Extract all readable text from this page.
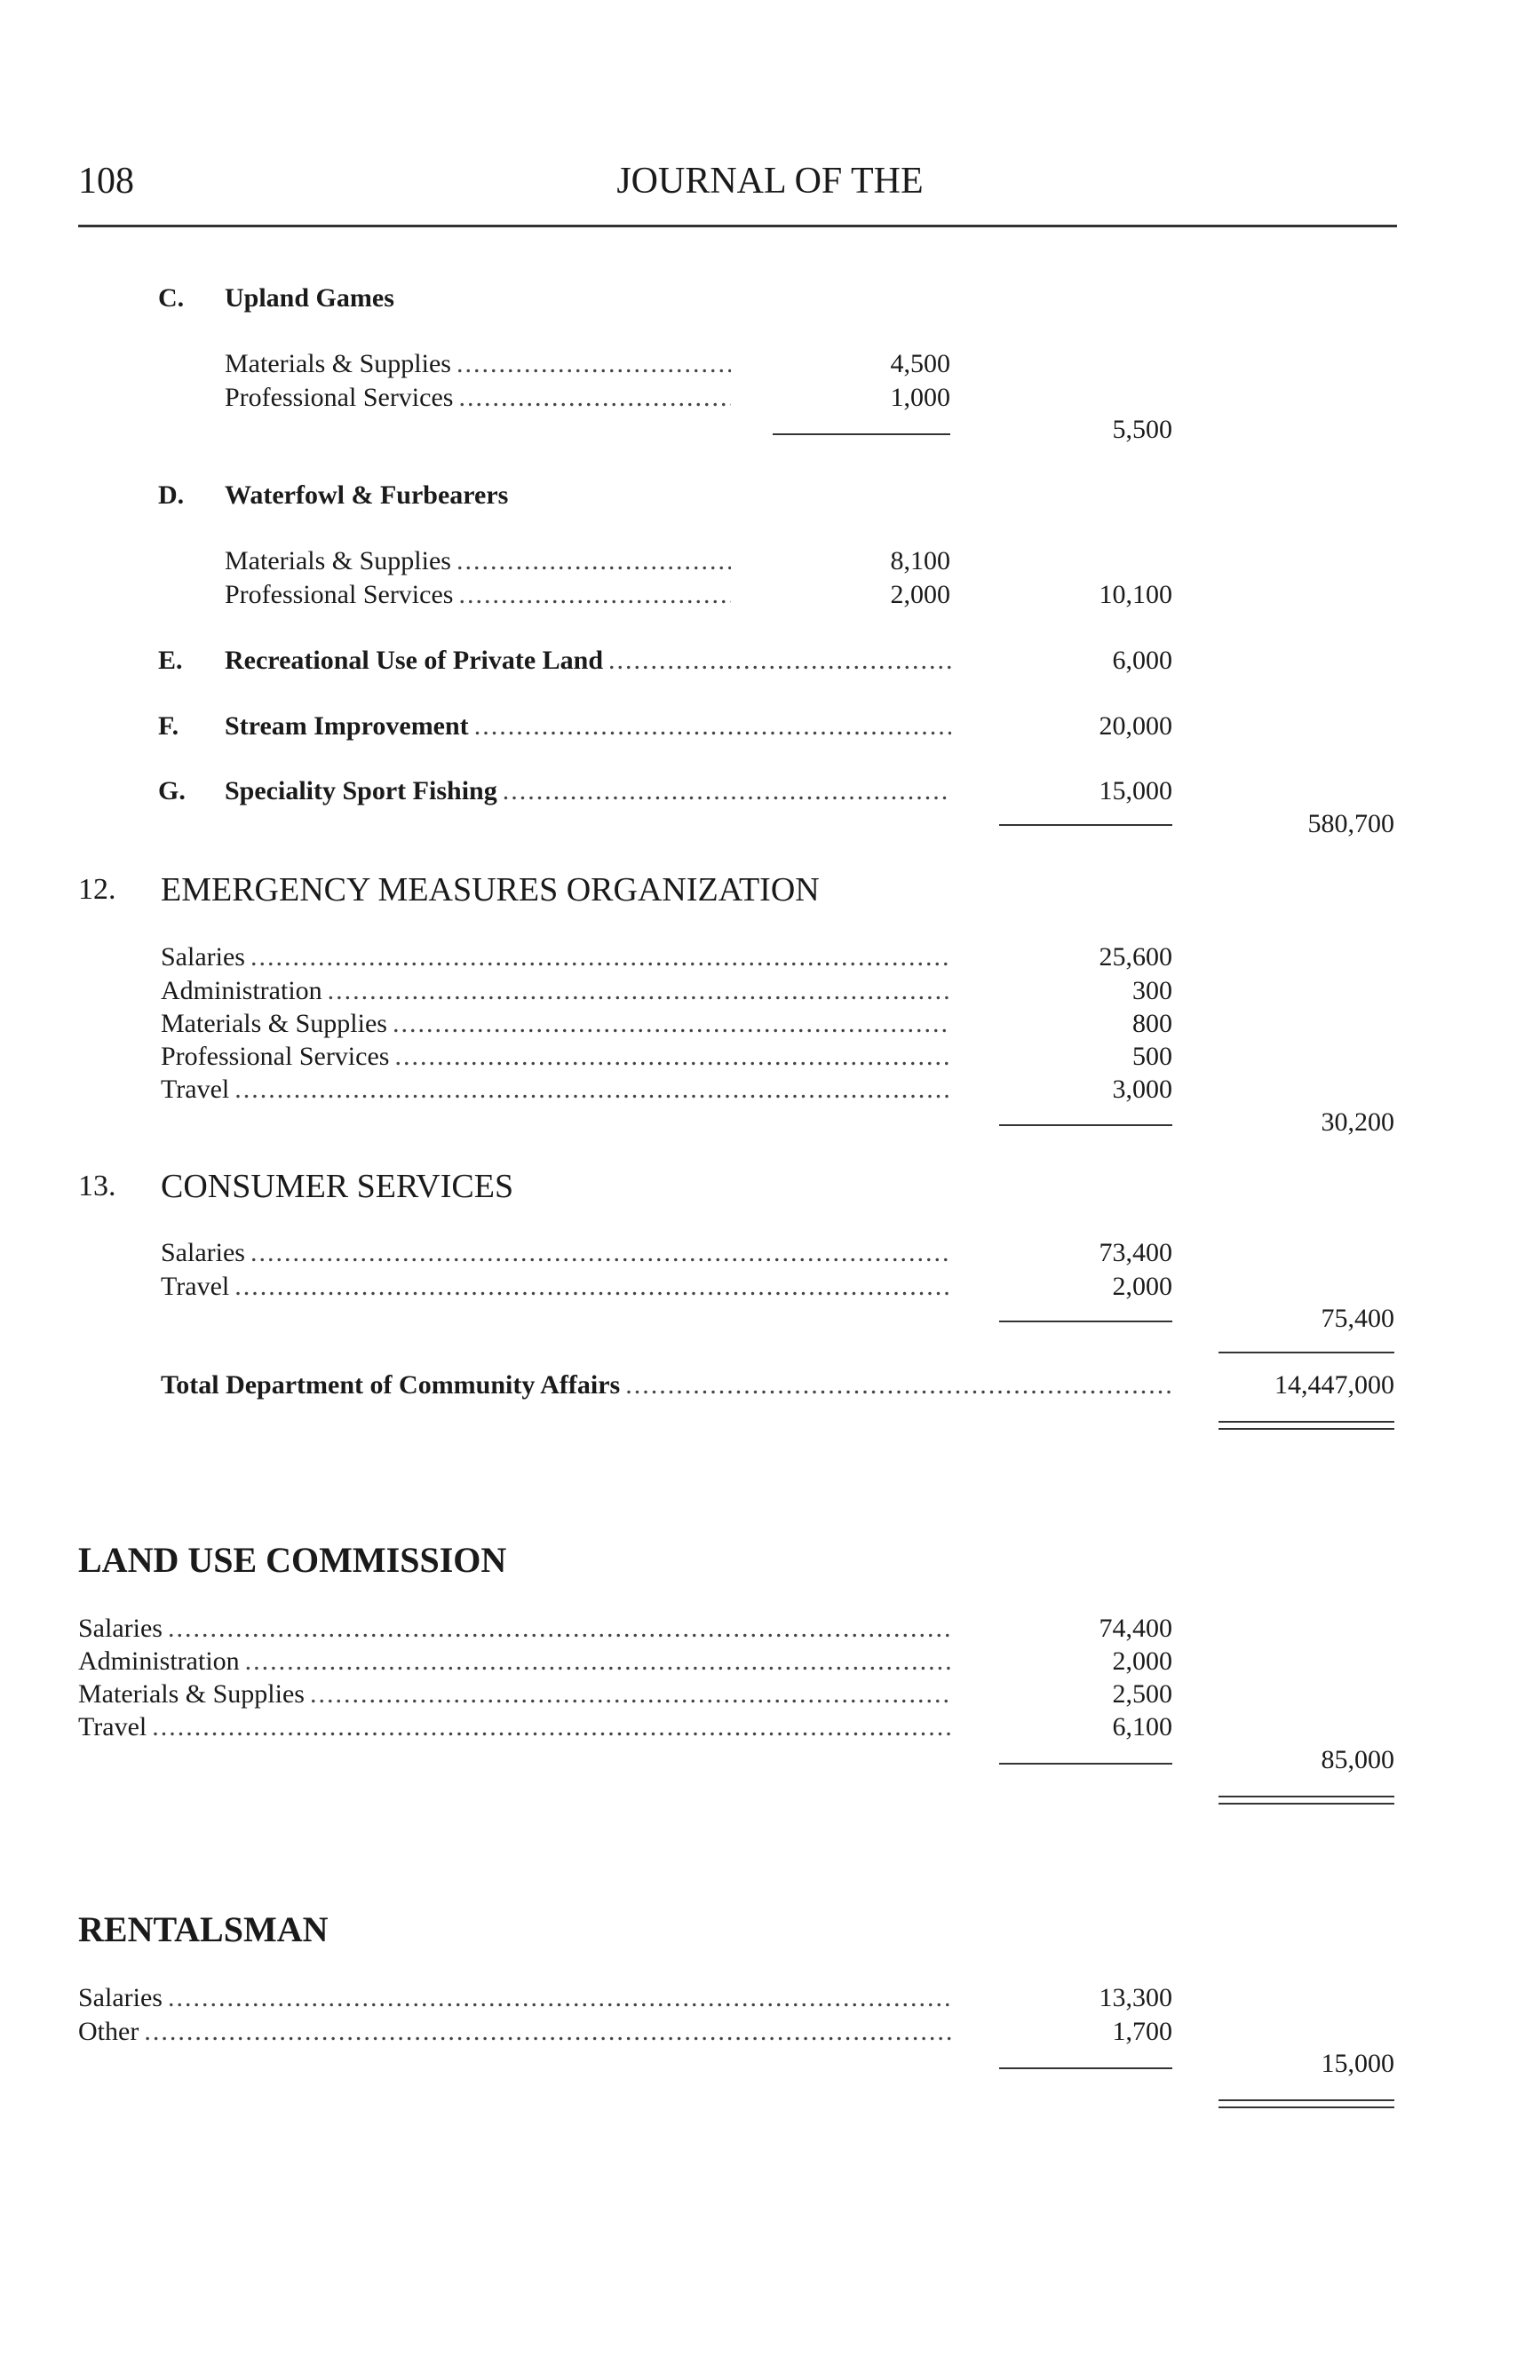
108	JOURNAL OF THE
C. Upland Games
Materials & Supplies .....	4,500
Professional Services .....	1,000
5,500
D. Waterfowl & Furbearers
Materials & Supplies .....	8,100
Professional Services .....	2,000	10,100
E. Recreational Use of Private Land .....	6,000
F. Stream Improvement .....	20,000
G. Speciality Sport Fishing .....	15,000
580,700
12. EMERGENCY MEASURES ORGANIZATION
Salaries .....	25,600
Administration .....	300
Materials & Supplies .....	800
Professional Services .....	500
Travel .....	3,000
30,200
13. CONSUMER SERVICES
Salaries .....	73,400
Travel .....	2,000
75,400
Total Department of Community Affairs .....	14,447,000
LAND USE COMMISSION
Salaries .....	74,400
Administration .....	2,000
Materials & Supplies .....	2,500
Travel .....	6,100
85,000
RENTALSMAN
Salaries .....	13,300
Other .....	1,700
15,000
